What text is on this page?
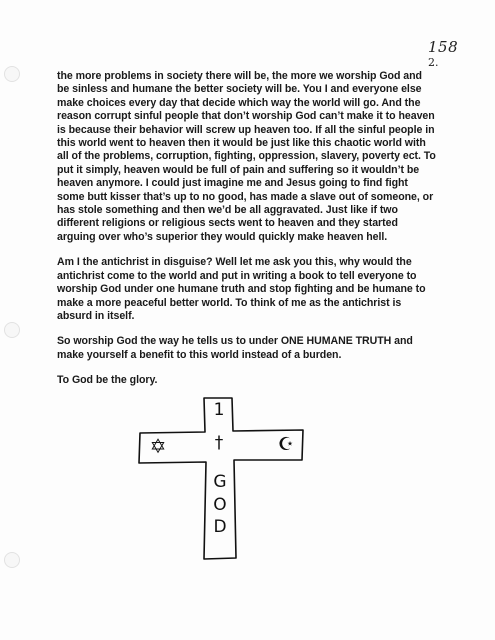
158
2.

the more problems in society there will be, the more we worship God and be sinless and humane the better society will be. You I and everyone else make choices every day that decide which way the world will go. And the reason corrupt sinful people that don’t worship God can’t make it to heaven is because their behavior will screw up heaven too. If all the sinful people in this world went to heaven then it would be just like this chaotic world with all of the problems, corruption, fighting, oppression, slavery, poverty ect. To put it simply, heaven would be full of pain and suffering so it wouldn’t be heaven anymore. I could just imagine me and Jesus going to find fight some butt kisser that’s up to no good, has made a slave out of someone, or has stole something and then we’d be all aggravated. Just like if two different religions or religious sects went to heaven and they started arguing over who’s superior they would quickly make heaven hell.

Am I the antichrist in disguise? Well let me ask you this, why would the antichrist come to the world and put in writing a book to tell everyone to worship God under one humane truth and stop fighting and be humane to make a more peaceful better world. To think of me as the antichrist is absurd in itself.

So worship God the way he tells us to under ONE HUMANE TRUTH and make yourself a benefit to this world instead of a burden.

To God be the glory.

1
†
✡	☪
G
O
D
